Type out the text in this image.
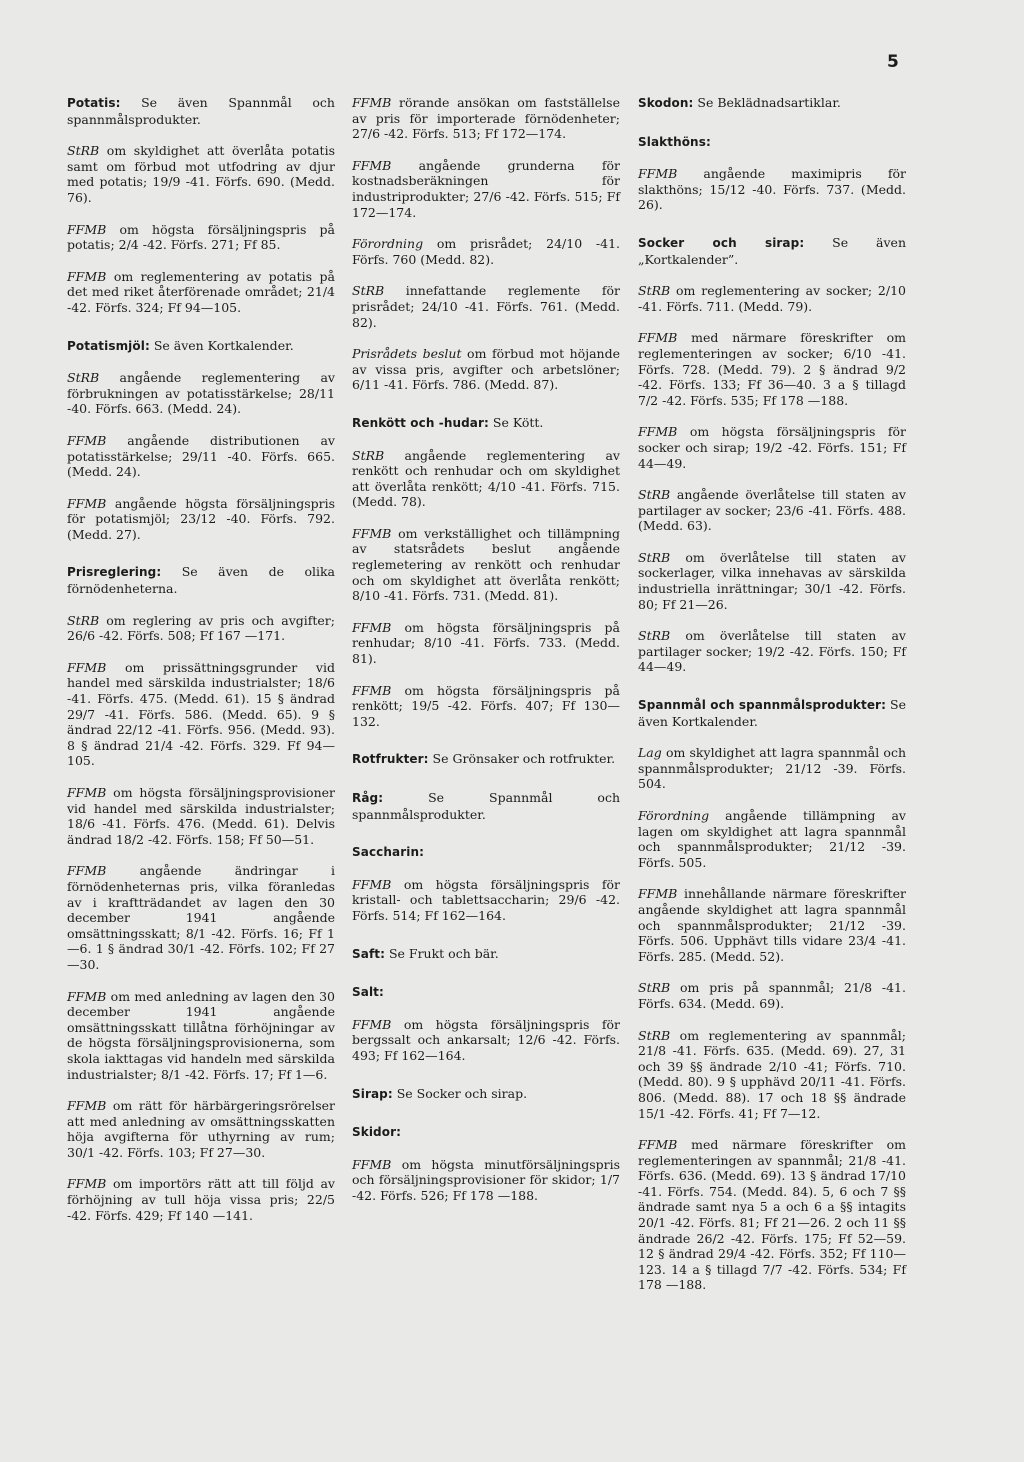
5

Potatis: Se även Spannmål och spannmålsprodukter.

StRB om skyldighet att överlåta potatis samt om förbud mot utfodring av djur med potatis; 19/9 -41. Förfs. 690. (Medd. 76).

FFMB om högsta försäljningspris på potatis; 2/4 -42. Förfs. 271; Ff 85.

FFMB om reglementering av potatis på det med riket återförenade området; 21/4 -42. Förfs. 324; Ff 94—105.

Potatismjöl: Se även Kortkalender.

StRB angående reglementering av förbrukningen av potatisstärkelse; 28/11 -40. Förfs. 663. (Medd. 24).

FFMB angående distributionen av potatisstärkelse; 29/11 -40. Förfs. 665. (Medd. 24).

FFMB angående högsta försäljningspris för potatismjöl; 23/12 -40. Förfs. 792. (Medd. 27).

Prisreglering: Se även de olika förnödenheterna.

StRB om reglering av pris och avgifter; 26/6 -42. Förfs. 508; Ff 167 —171.

FFMB om prissättningsgrunder vid handel med särskilda industrialster; 18/6 -41. Förfs. 475. (Medd. 61). 15 § ändrad 29/7 -41. Förfs. 586. (Medd. 65). 9 § ändrad 22/12 -41. Förfs. 956. (Medd. 93). 8 § ändrad 21/4 -42. Förfs. 329. Ff 94—105.

FFMB om högsta försäljningsprovisioner vid handel med särskilda industrialster; 18/6 -41. Förfs. 476. (Medd. 61). Delvis ändrad 18/2 -42. Förfs. 158; Ff 50—51.

FFMB angående ändringar i förnödenheternas pris, vilka föranledas av i kraftträdandet av lagen den 30 december 1941 angående omsättningsskatt; 8/1 -42. Förfs. 16; Ff 1—6. 1 § ändrad 30/1 -42. Förfs. 102; Ff 27—30.

FFMB om med anledning av lagen den 30 december 1941 angående omsättningsskatt tillåtna förhöjningar av de högsta försäljningsprovisionerna, som skola iakttagas vid handeln med särskilda industrialster; 8/1 -42. Förfs. 17; Ff 1—6.

FFMB om rätt för härbärgeringsrörelser att med anledning av omsättningsskatten höja avgifterna för uthyrning av rum; 30/1 -42. Förfs. 103; Ff 27—30.

FFMB om importörs rätt att till följd av förhöjning av tull höja vissa pris; 22/5 -42. Förfs. 429; Ff 140 —141.

FFMB rörande ansökan om fastställelse av pris för importerade förnödenheter; 27/6 -42. Förfs. 513; Ff 172—174.

FFMB angående grunderna för kostnadsberäkningen för industriprodukter; 27/6 -42. Förfs. 515; Ff 172—174.

Förordning om prisrådet; 24/10 -41. Förfs. 760 (Medd. 82).

StRB innefattande reglemente för prisrådet; 24/10 -41. Förfs. 761. (Medd. 82).

Prisrådets beslut om förbud mot höjande av vissa pris, avgifter och arbetslöner; 6/11 -41. Förfs. 786. (Medd. 87).

Renkött och -hudar: Se Kött.

StRB angående reglementering av renkött och renhudar och om skyldighet att överlåta renkött; 4/10 -41. Förfs. 715. (Medd. 78).

FFMB om verkställighet och tillämpning av statsrådets beslut angående reglemetering av renkött och renhudar och om skyldighet att överlåta renkött; 8/10 -41. Förfs. 731. (Medd. 81).

FFMB om högsta försäljningspris på renhudar; 8/10 -41. Förfs. 733. (Medd. 81).

FFMB om högsta försäljningspris på renkött; 19/5 -42. Förfs. 407; Ff 130—132.

Rotfrukter: Se Grönsaker och rotfrukter.

Råg: Se Spannmål och spannmålsprodukter.

Saccharin:

FFMB om högsta försäljningspris för kristall- och tablettsaccharin; 29/6 -42. Förfs. 514; Ff 162—164.

Saft: Se Frukt och bär.

Salt:

FFMB om högsta försäljningspris för bergssalt och ankarsalt; 12/6 -42. Förfs. 493; Ff 162—164.

Sirap: Se Socker och sirap.

Skidor:

FFMB om högsta minutförsäljningspris och försäljningsprovisioner för skidor; 1/7 -42. Förfs. 526; Ff 178 —188.

Skodon: Se Beklädnadsartiklar.

Slakthöns:

FFMB angående maximipris för slakthöns; 15/12 -40. Förfs. 737. (Medd. 26).

Socker och sirap: Se även „Kortkalender”.

StRB om reglementering av socker; 2/10 -41. Förfs. 711. (Medd. 79).

FFMB med närmare föreskrifter om reglementeringen av socker; 6/10 -41. Förfs. 728. (Medd. 79). 2 § ändrad 9/2 -42. Förfs. 133; Ff 36—40. 3 a § tillagd 7/2 -42. Förfs. 535; Ff 178 —188.

FFMB om högsta försäljningspris för socker och sirap; 19/2 -42. Förfs. 151; Ff 44—49.

StRB angående överlåtelse till staten av partilager av socker; 23/6 -41. Förfs. 488. (Medd. 63).

StRB om överlåtelse till staten av sockerlager, vilka innehavas av särskilda industriella inrättningar; 30/1 -42. Förfs. 80; Ff 21—26.

StRB om överlåtelse till staten av partilager socker; 19/2 -42. Förfs. 150; Ff 44—49.

Spannmål och spannmålsprodukter: Se även Kortkalender.

Lag om skyldighet att lagra spannmål och spannmålsprodukter; 21/12 -39. Förfs. 504.

Förordning angående tillämpning av lagen om skyldighet att lagra spannmål och spannmålsprodukter; 21/12 -39. Förfs. 505.

FFMB innehållande närmare föreskrifter angående skyldighet att lagra spannmål och spannmålsprodukter; 21/12 -39. Förfs. 506. Upphävt tills vidare 23/4 -41. Förfs. 285. (Medd. 52).

StRB om pris på spannmål; 21/8 -41. Förfs. 634. (Medd. 69).

StRB om reglementering av spannmål; 21/8 -41. Förfs. 635. (Medd. 69). 27, 31 och 39 §§ ändrade 2/10 -41; Förfs. 710. (Medd. 80). 9 § upphävd 20/11 -41. Förfs. 806. (Medd. 88). 17 och 18 §§ ändrade 15/1 -42. Förfs. 41; Ff 7—12.

FFMB med närmare föreskrifter om reglementeringen av spannmål; 21/8 -41. Förfs. 636. (Medd. 69). 13 § ändrad 17/10 -41. Förfs. 754. (Medd. 84). 5, 6 och 7 §§ ändrade samt nya 5 a och 6 a §§ intagits 20/1 -42. Förfs. 81; Ff 21—26. 2 och 11 §§ ändrade 26/2 -42. Förfs. 175; Ff 52—59. 12 § ändrad 29/4 -42. Förfs. 352; Ff 110—123. 14 a § tillagd 7/7 -42. Förfs. 534; Ff 178 —188.
